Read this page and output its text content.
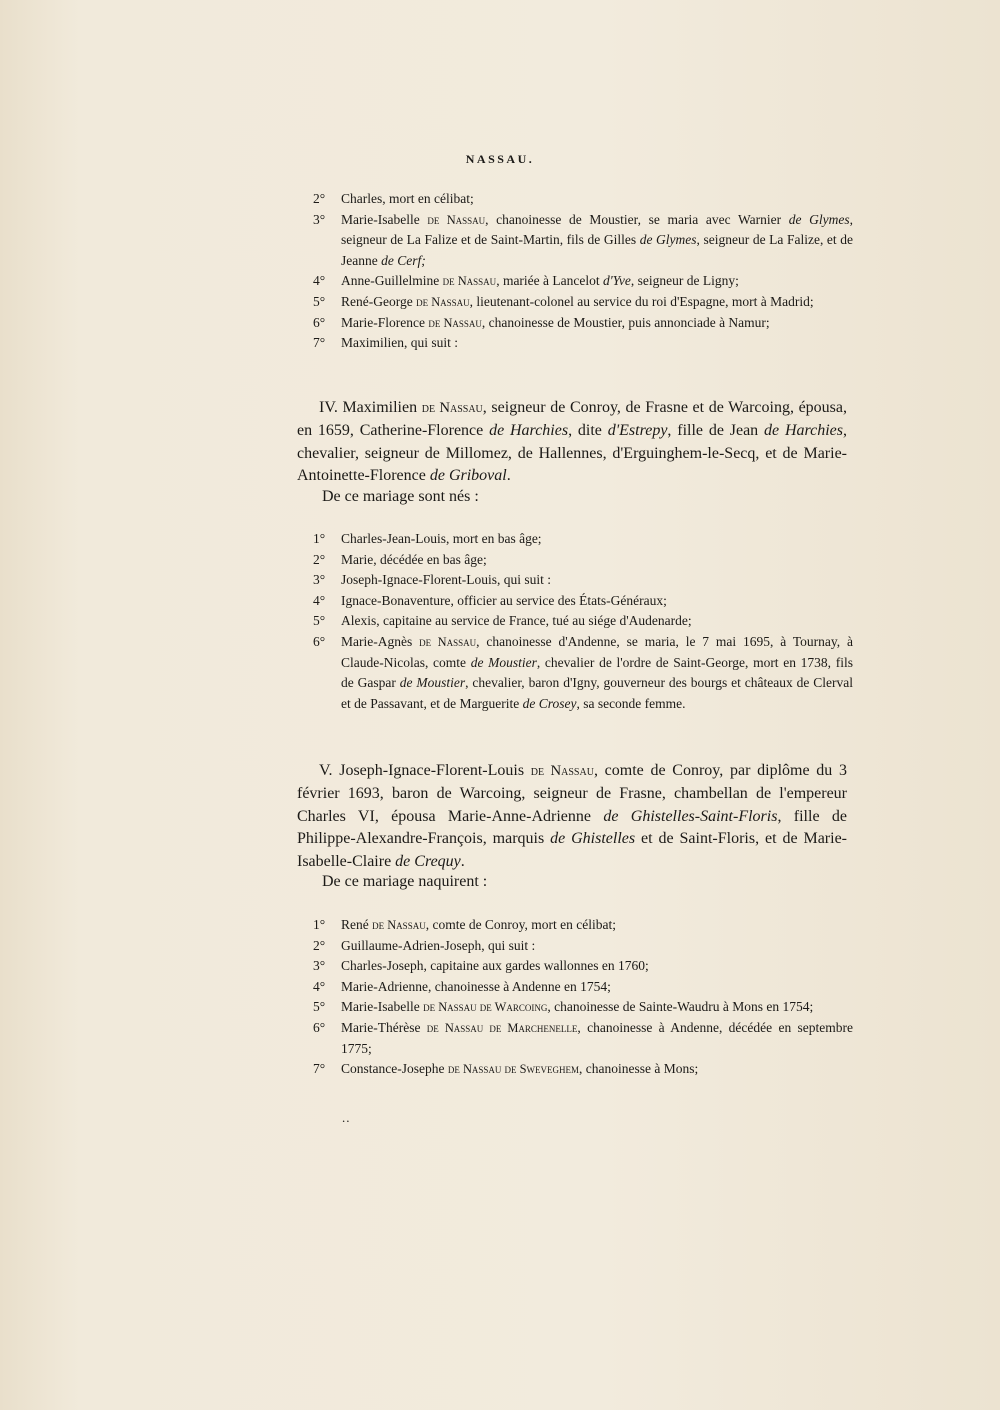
NASSAU.
2°	Charles, mort en célibat;
3°	Marie-Isabelle de Nassau, chanoinesse de Moustier, se maria avec Warnier de Glymes, seigneur de La Falize et de Saint-Martin, fils de Gilles de Glymes, seigneur de La Falize, et de Jeanne de Cerf;
4°	Anne-Guillelmine de Nassau, mariée à Lancelot d'Yve, seigneur de Ligny;
5°	René-George de Nassau, lieutenant-colonel au service du roi d'Espagne, mort à Madrid;
6°	Marie-Florence de Nassau, chanoinesse de Moustier, puis annonciade à Namur;
7°	Maximilien, qui suit :

IV. Maximilien de Nassau, seigneur de Conroy, de Frasne et de Warcoing, épousa, en 1659, Catherine-Florence de Harchies, dite d'Estrepy, fille de Jean de Harchies, chevalier, seigneur de Millomez, de Hallennes, d'Erguinghem-le-Secq, et de Marie-Antoinette-Florence de Griboval.

De ce mariage sont nés :
1°	Charles-Jean-Louis, mort en bas âge;
2°	Marie, décédée en bas âge;
3°	Joseph-Ignace-Florent-Louis, qui suit :
4°	Ignace-Bonaventure, officier au service des États-Généraux;
5°	Alexis, capitaine au service de France, tué au siége d'Audenarde;
6°	Marie-Agnès de Nassau, chanoinesse d'Andenne, se maria, le 7 mai 1695, à Tournay, à Claude-Nicolas, comte de Moustier, chevalier de l'ordre de Saint-George, mort en 1738, fils de Gaspar de Moustier, chevalier, baron d'Igny, gouverneur des bourgs et châteaux de Clerval et de Passavant, et de Marguerite de Crosey, sa seconde femme.

V. Joseph-Ignace-Florent-Louis de Nassau, comte de Conroy, par diplôme du 3 février 1693, baron de Warcoing, seigneur de Frasne, chambellan de l'empereur Charles VI, épousa Marie-Anne-Adrienne de Ghistelles-Saint-Floris, fille de Philippe-Alexandre-François, marquis de Ghistelles et de Saint-Floris, et de Marie-Isabelle-Claire de Crequy.

De ce mariage naquirent :
1°	René de Nassau, comte de Conroy, mort en célibat;
2°	Guillaume-Adrien-Joseph, qui suit :
3°	Charles-Joseph, capitaine aux gardes wallonnes en 1760;
4°	Marie-Adrienne, chanoinesse à Andenne en 1754;
5°	Marie-Isabelle de Nassau de Warcoing, chanoinesse de Sainte-Waudru à Mons en 1754;
6°	Marie-Thérèse de Nassau de Marchenelle, chanoinesse à Andenne, décédée en septembre 1775;
7°	Constance-Josephe de Nassau de Sweveghem, chanoinesse à Mons;
..
